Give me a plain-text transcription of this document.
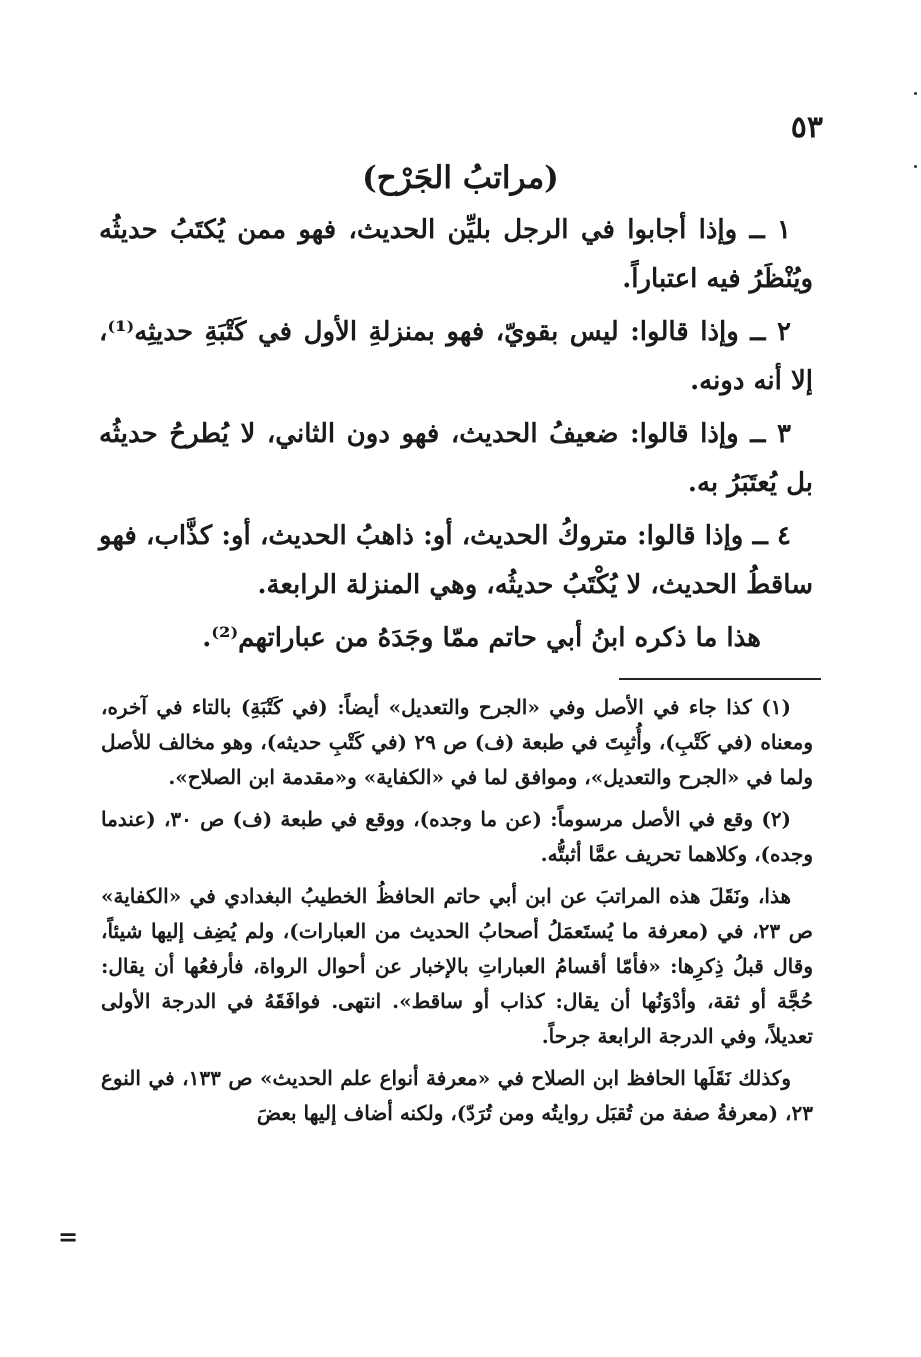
٥٣
(مراتبُ الجَرْح)

١ ــ وإذا أجابوا في الرجل بليِّن الحديث، فهو ممن يُكتَبُ حديثُه ويُنْظَرُ فيه اعتباراً.

٢ ــ وإذا قالوا: ليس بقويّ، فهو بمنزلةِ الأول في كَتْبَةِ حديثِه⁽¹⁾، إلا أنه دونه.

٣ ــ وإذا قالوا: ضعيفُ الحديث، فهو دون الثاني، لا يُطرحُ حديثُه بل يُعتَبَرُ به.

٤ ــ وإذا قالوا: متروكُ الحديث، أو: ذاهبُ الحديث، أو: كذَّاب، فهو ساقطُ الحديث، لا يُكْتَبُ حديثُه، وهي المنزلة الرابعة.

هذا ما ذكره ابنُ أبي حاتم ممّا وجَدَهُ من عباراتهم⁽²⁾.

(١) كذا جاء في الأصل وفي «الجرح والتعديل» أيضاً: (في كَتْبَةِ) بالتاء في آخره، ومعناه (في كَتْبِ)، وأُثبِتَ في طبعة (ف) ص ٢٩ (في كَتْبِ حديثه)، وهو مخالف للأصل ولما في «الجرح والتعديل»، وموافق لما في «الكفاية» و«مقدمة ابن الصلاح».

(٢) وقع في الأصل مرسوماً: (عن ما وجده)، ووقع في طبعة (ف) ص ٣٠، (عندما وجده)، وكلاهما تحريف عمَّا أثبتُّه.

هذا، ونَقَلَ هذه المراتبَ عن ابن أبي حاتم الحافظُ الخطيبُ البغدادي في «الكفاية» ص ٢٣، في (معرفة ما يُستَعمَلُ أصحابُ الحديث من العبارات)، ولم يُضِف إليها شيئاً، وقال قبلُ ذِكرِها: «فأمّا أقسامُ العباراتِ بالإخبار عن أحوال الرواة، فأرفعُها أن يقال: حُجَّة أو ثقة، وأدْوَنُها أن يقال: كذاب أو ساقط». انتهى. فوافَقَهُ في الدرجة الأولى تعديلاً، وفي الدرجة الرابعة جرحاً.

وكذلك نَقَلَها الحافظ ابن الصلاح في «معرفة أنواع علم الحديث» ص ١٣٣، في النوع ٢٣، (معرفةُ صفة من تُقبَل روايتُه ومن تُرَدّ)، ولكنه أضاف إليها بعضَ

=
